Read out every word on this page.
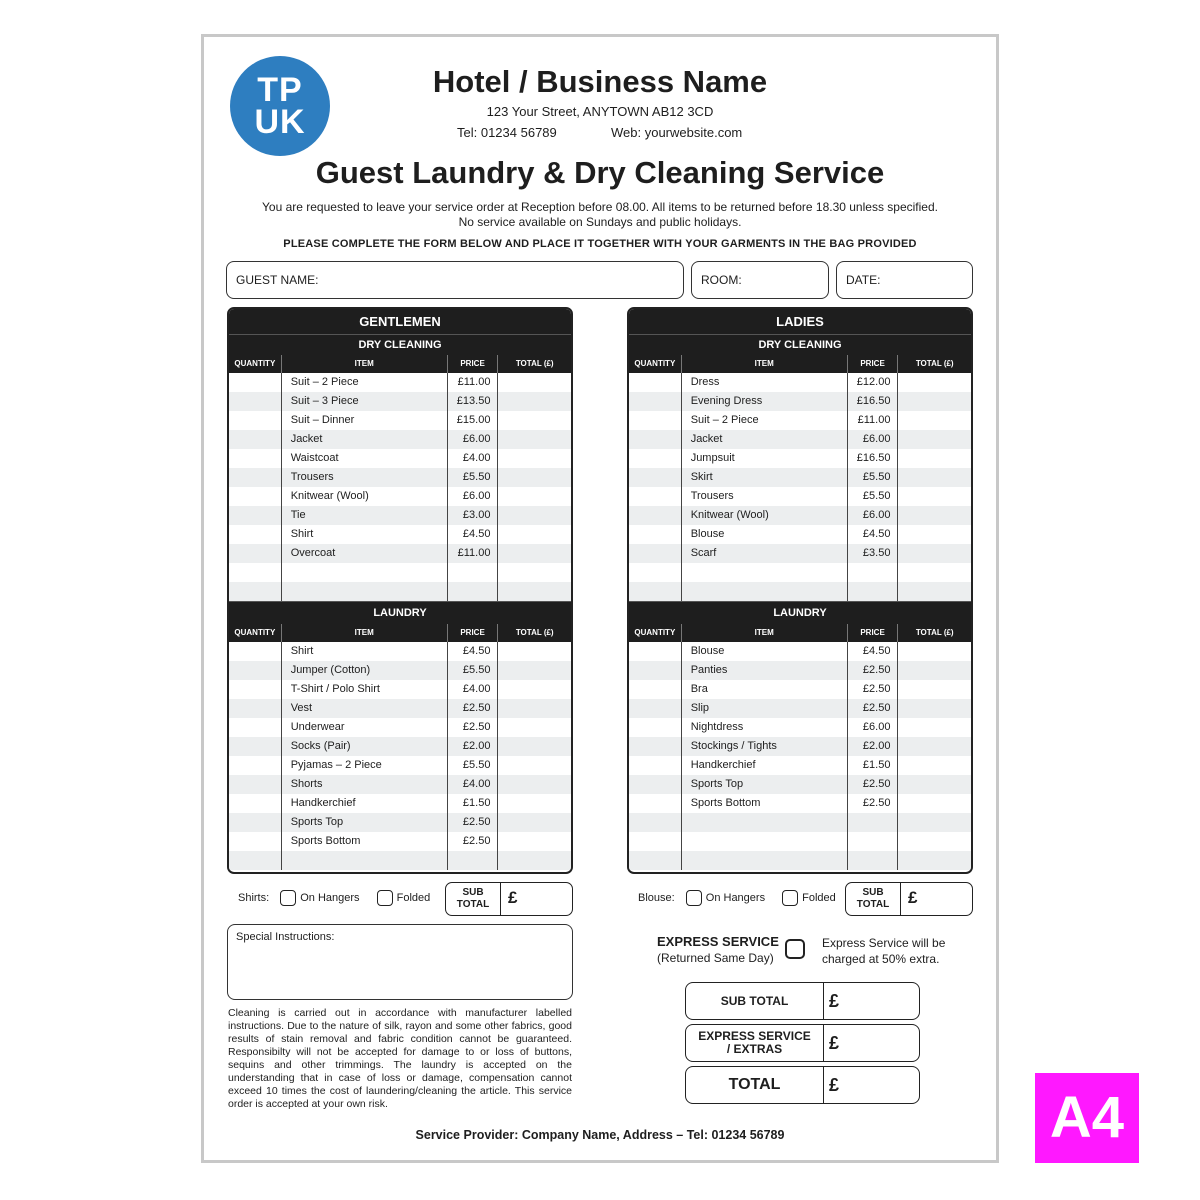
TP
UK
Hotel / Business Name
123 Your Street, ANYTOWN AB12 3CD
Tel: 01234 56789	Web: yourwebsite.com
Guest Laundry & Dry Cleaning Service
You are requested to leave your service order at Reception before 08.00. All items to be returned before 18.30 unless specified.
No service available on Sundays and public holidays.
PLEASE COMPLETE THE FORM BELOW AND PLACE IT TOGETHER WITH YOUR GARMENTS IN THE BAG PROVIDED
GUEST NAME:	ROOM:	DATE:
GENTLEMEN
DRY CLEANING
QUANTITY	ITEM	PRICE	TOTAL (£)
Suit – 2 Piece	£11.00
Suit – 3 Piece	£13.50
Suit – Dinner	£15.00
Jacket	£6.00
Waistcoat	£4.00
Trousers	£5.50
Knitwear (Wool)	£6.00
Tie	£3.00
Shirt	£4.50
Overcoat	£11.00
LAUNDRY
QUANTITY	ITEM	PRICE	TOTAL (£)
Shirt	£4.50
Jumper (Cotton)	£5.50
T-Shirt / Polo Shirt	£4.00
Vest	£2.50
Underwear	£2.50
Socks (Pair)	£2.00
Pyjamas – 2 Piece	£5.50
Shorts	£4.00
Handkerchief	£1.50
Sports Top	£2.50
Sports Bottom	£2.50
LADIES
DRY CLEANING
QUANTITY	ITEM	PRICE	TOTAL (£)
Dress	£12.00
Evening Dress	£16.50
Suit – 2 Piece	£11.00
Jacket	£6.00
Jumpsuit	£16.50
Skirt	£5.50
Trousers	£5.50
Knitwear (Wool)	£6.00
Blouse	£4.50
Scarf	£3.50
LAUNDRY
QUANTITY	ITEM	PRICE	TOTAL (£)
Blouse	£4.50
Panties	£2.50
Bra	£2.50
Slip	£2.50
Nightdress	£6.00
Stockings / Tights	£2.00
Handkerchief	£1.50
Sports Top	£2.50
Sports Bottom	£2.50
Shirts:	On Hangers	Folded	SUB
TOTAL	£	Blouse:	On Hangers	Folded	SUB
TOTAL	£
Special Instructions:
Cleaning is carried out in accordance with manufacturer labelled instructions. Due to the nature of silk, rayon and some other fabrics, good results of stain removal and fabric condition cannot be guaranteed. Responsibilty will not be accepted for damage to or loss of buttons, sequins and other trimmings. The laundry is accepted on the understanding that in case of loss or damage, compensation cannot exceed 10 times the cost of laundering/cleaning the article. This service order is accepted at your own risk.
EXPRESS SERVICE
(Returned Same Day)
Express Service will be
charged at 50% extra.
SUB TOTAL	£
EXPRESS SERVICE
/ EXTRAS	£
TOTAL	£
Service Provider: Company Name, Address – Tel: 01234 56789	A4
